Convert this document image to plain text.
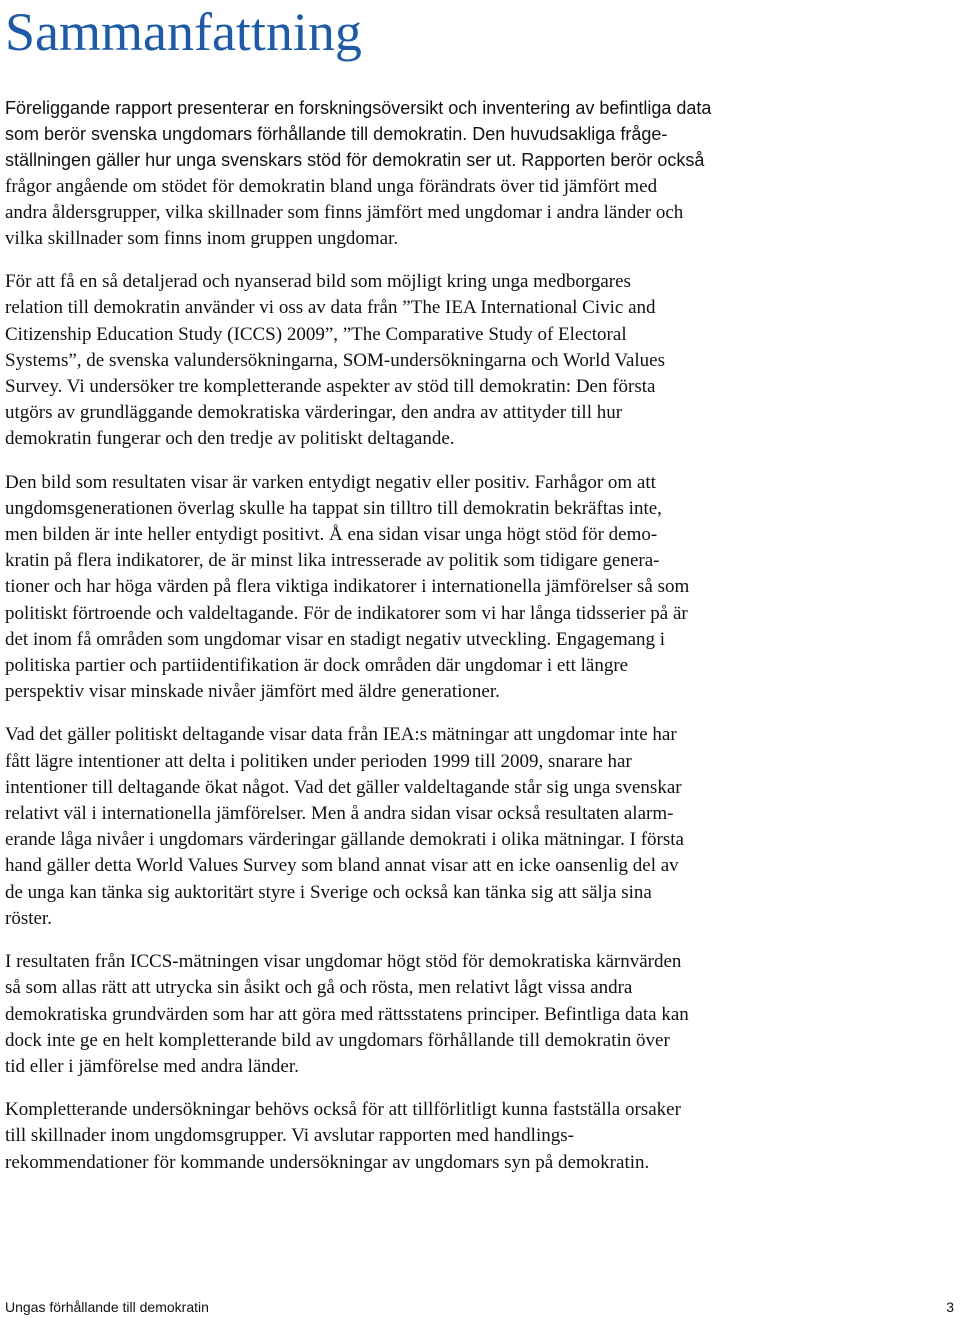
Sammanfattning

Föreliggande rapport presenterar en forskningsöversikt och inventering av befintliga data
som berör svenska ungdomars förhållande till demokratin. Den huvudsakliga fråge-
ställningen gäller hur unga svenskars stöd för demokratin ser ut. Rapporten berör också
frågor angående om stödet för demokratin bland unga förändrats över tid jämfört med
andra åldersgrupper, vilka skillnader som finns jämfört med ungdomar i andra länder och
vilka skillnader som finns inom gruppen ungdomar.

För att få en så detaljerad och nyanserad bild som möjligt kring unga medborgares
relation till demokratin använder vi oss av data från ”The IEA International Civic and
Citizenship Education Study (ICCS) 2009”, ”The Comparative Study of Electoral
Systems”, de svenska valundersökningarna, SOM-undersökningarna och World Values
Survey. Vi undersöker tre kompletterande aspekter av stöd till demokratin: Den första
utgörs av grundläggande demokratiska värderingar, den andra av attityder till hur
demokratin fungerar och den tredje av politiskt deltagande.

Den bild som resultaten visar är varken entydigt negativ eller positiv. Farhågor om att
ungdomsgenerationen överlag skulle ha tappat sin tilltro till demokratin bekräftas inte,
men bilden är inte heller entydigt positivt. Å ena sidan visar unga högt stöd för demo-
kratin på flera indikatorer, de är minst lika intresserade av politik som tidigare genera-
tioner och har höga värden på flera viktiga indikatorer i internationella jämförelser så som
politiskt förtroende och valdeltagande. För de indikatorer som vi har långa tidsserier på är
det inom få områden som ungdomar visar en stadigt negativ utveckling. Engagemang i
politiska partier och partiidentifikation är dock områden där ungdomar i ett längre
perspektiv visar minskade nivåer jämfört med äldre generationer.

Vad det gäller politiskt deltagande visar data från IEA:s mätningar att ungdomar inte har
fått lägre intentioner att delta i politiken under perioden 1999 till 2009, snarare har
intentioner till deltagande ökat något. Vad det gäller valdeltagande står sig unga svenskar
relativt väl i internationella jämförelser. Men å andra sidan visar också resultaten alarm-
erande låga nivåer i ungdomars värderingar gällande demokrati i olika mätningar. I första
hand gäller detta World Values Survey som bland annat visar att en icke oansenlig del av
de unga kan tänka sig auktoritärt styre i Sverige och också kan tänka sig att sälja sina
röster.

I resultaten från ICCS-mätningen visar ungdomar högt stöd för demokratiska kärnvärden
så som allas rätt att utrycka sin åsikt och gå och rösta, men relativt lågt vissa andra
demokratiska grundvärden som har att göra med rättsstatens principer. Befintliga data kan
dock inte ge en helt kompletterande bild av ungdomars förhållande till demokratin över
tid eller i jämförelse med andra länder.

Kompletterande undersökningar behövs också för att tillförlitligt kunna fastställa orsaker
till skillnader inom ungdomsgrupper. Vi avslutar rapporten med handlings-
rekommendationer för kommande undersökningar av ungdomars syn på demokratin.

Ungas förhållande till demokratin	3
